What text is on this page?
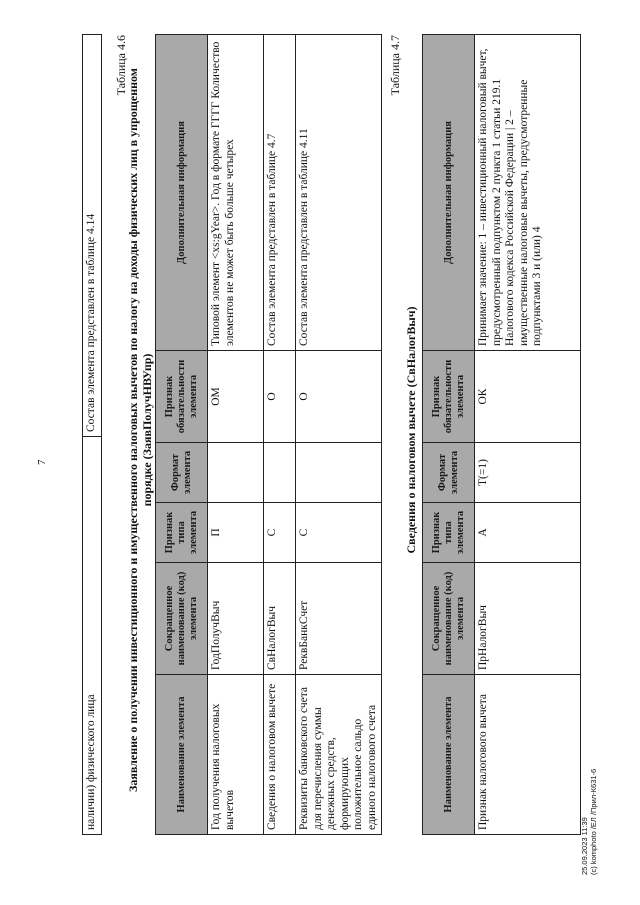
наличии) физического лица	Состав элемента представлен в таблице 4.14
7
Таблица 4.6
Заявление о получении инвестиционного и имущественного налоговых вычетов по налогу на доходы физических лиц в упрощенном порядке (ЗаявПолучНВУпр)
Наименование элемента	Сокращенное наименование (код) элемента	Признак типа элемента	Формат элемента	Признак обязательности элемента	Дополнительная информация
Год получения налоговых вычетов	ГодПолучВыч	П		ОМ	Типовой элемент <xs:gYear>. Год в формате ГГГГ Количество элементов не может быть больше четырех
Сведения о налоговом вычете	СвНалогВыч	С		О	Состав элемента представлен в таблице 4.7
Реквизиты банковского счета для перечисления суммы денежных средств, формирующих положительное сальдо единого налогового счета	РеквБанкСчет	С		О	Состав элемента представлен в таблице 4.11
Таблица 4.7
Сведения о налоговом вычете (СвНалогВыч)
Наименование элемента	Сокращенное наименование (код) элемента	Признак типа элемента	Формат элемента	Признак обязательности элемента	Дополнительная информация
Признак налогового вычета	ПрНалогВыч	А	T(=1)	ОК	Принимает значение: 1 – инвестиционный налоговый вычет, предусмотренный подпунктом 2 пункта 1 статьи 219.1 Налогового кодекса Российской Федерации | 2 – имущественные налоговые вычеты, предусмотренные подпунктами 3 и (или) 4
25.09.2023 11:39 (c) komphoto /ЕЛ /Прил-К631-6
